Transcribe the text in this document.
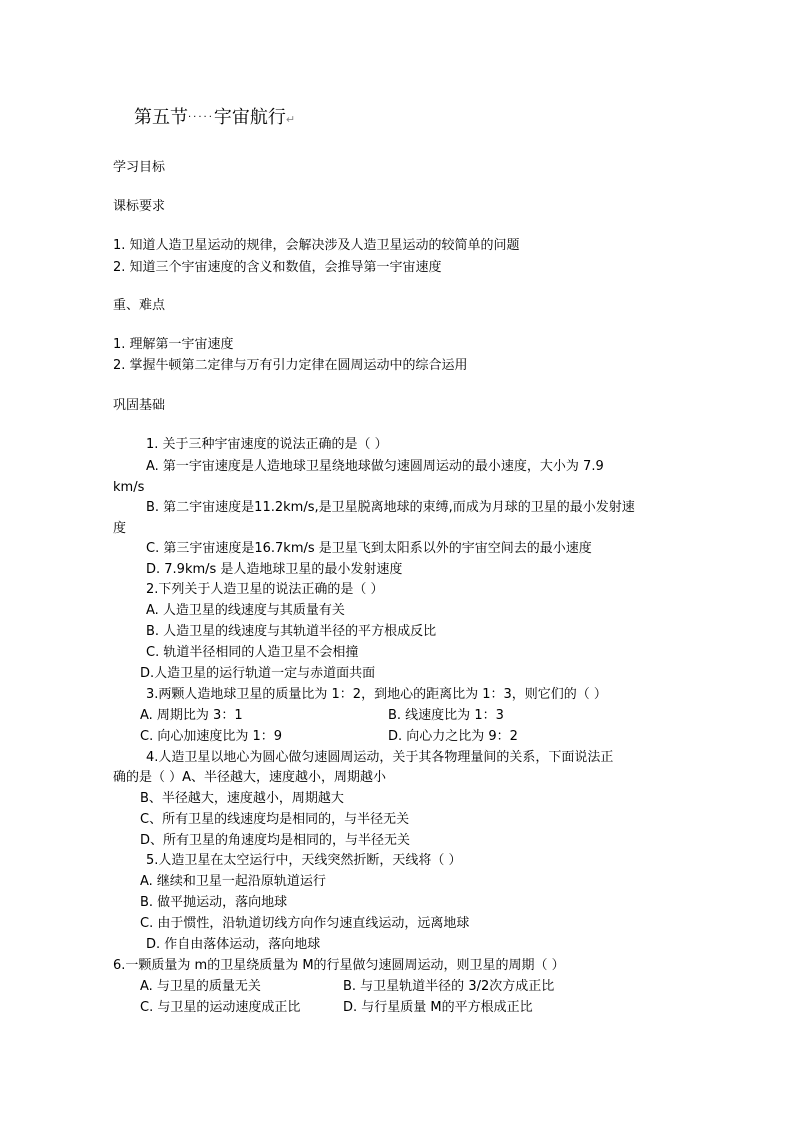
第五节·····宇宙航行↵
学习目标
课标要求
1. 知道人造卫星运动的规律，会解决涉及人造卫星运动的较简单的问题
2. 知道三个宇宙速度的含义和数值，会推导第一宇宙速度
重、难点
1. 理解第一宇宙速度
2. 掌握牛顿第二定律与万有引力定律在圆周运动中的综合运用
巩固基础
1. 关于三种宇宙速度的说法正确的是（ ）
A. 第一宇宙速度是人造地球卫星绕地球做匀速圆周运动的最小速度，大小为 7.9
km/s
B. 第二宇宙速度是11.2km/s,是卫星脱离地球的束缚,而成为月球的卫星的最小发射速
度
C. 第三宇宙速度是16.7km/s 是卫星飞到太阳系以外的宇宙空间去的最小速度
D. 7.9km/s 是人造地球卫星的最小发射速度
2.下列关于人造卫星的说法正确的是（ ）
A. 人造卫星的线速度与其质量有关
B. 人造卫星的线速度与其轨道半径的平方根成反比
C. 轨道半径相同的人造卫星不会相撞
D.人造卫星的运行轨道一定与赤道面共面
3.两颗人造地球卫星的质量比为 1：2，到地心的距离比为 1：3，则它们的（ ）
A. 周期比为 3：1	B. 线速度比为 1：3
C. 向心加速度比为 1：9	D. 向心力之比为 9：2
4.人造卫星以地心为圆心做匀速圆周运动，关于其各物理量间的关系，下面说法正
确的是（ ）A、半径越大，速度越小，周期越小
B、半径越大，速度越小，周期越大
C、所有卫星的线速度均是相同的，与半径无关
D、所有卫星的角速度均是相同的，与半径无关
5.人造卫星在太空运行中，天线突然折断，天线将（ ）
A. 继续和卫星一起沿原轨道运行
B. 做平抛运动，落向地球
C. 由于惯性，沿轨道切线方向作匀速直线运动，远离地球
D. 作自由落体运动，落向地球
6.一颗质量为 m的卫星绕质量为 M的行星做匀速圆周运动，则卫星的周期（ ）
A. 与卫星的质量无关	B. 与卫星轨道半径的 3/2次方成正比
C. 与卫星的运动速度成正比	D. 与行星质量 M的平方根成正比
